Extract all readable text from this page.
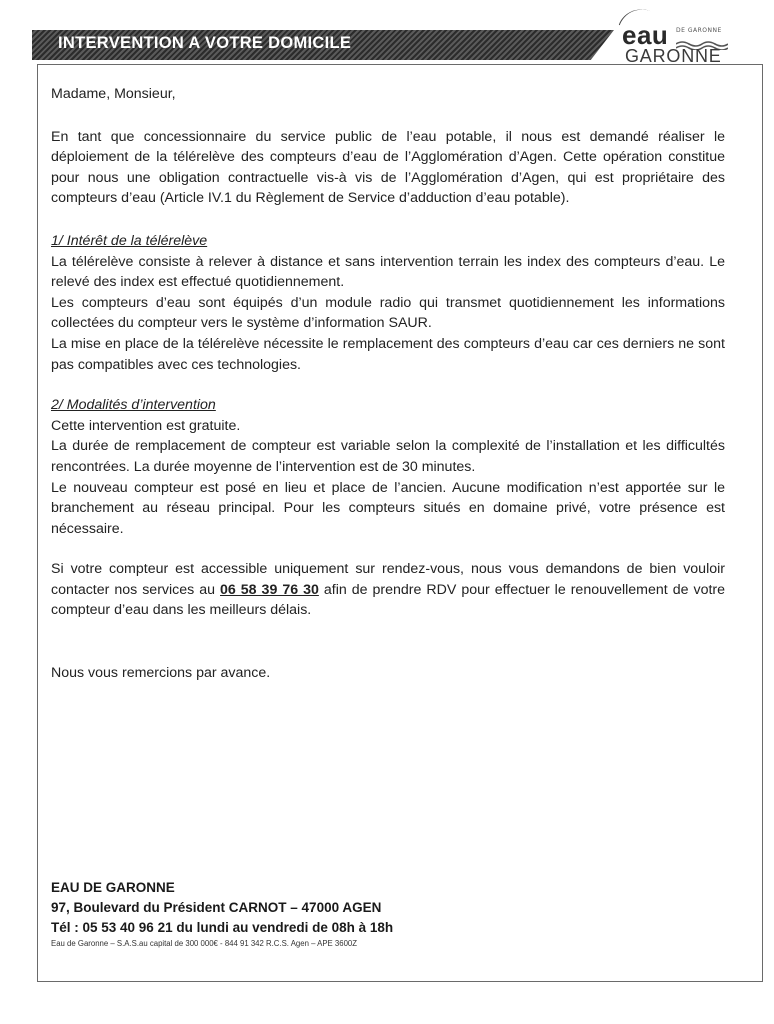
INTERVENTION A VOTRE DOMICILE	eau DE GARONNE
GARONNE

Madame, Monsieur,

En tant que concessionnaire du service public de l’eau potable, il nous est demandé réaliser le déploiement de la télérelève des compteurs d’eau de l’Agglomération d’Agen. Cette opération constitue pour nous une obligation contractuelle vis-à vis de l’Agglomération d’Agen, qui est propriétaire des compteurs d’eau (Article IV.1 du Règlement de Service d’adduction d’eau potable).

1/ Intérêt de la télérelève

La télérelève consiste à relever à distance et sans intervention terrain les index des compteurs d’eau. Le relevé des index est effectué quotidiennement.

Les compteurs d’eau sont équipés d’un module radio qui transmet quotidiennement les informations collectées du compteur vers le système d’information SAUR.

La mise en place de la télérelève nécessite le remplacement des compteurs d’eau car ces derniers ne sont pas compatibles avec ces technologies.

2/ Modalités d’intervention

Cette intervention est gratuite.

La durée de remplacement de compteur est variable selon la complexité de l’installation et les difficultés rencontrées. La durée moyenne de l’intervention est de 30 minutes.

Le nouveau compteur est posé en lieu et place de l’ancien. Aucune modification n’est apportée sur le branchement au réseau principal. Pour les compteurs situés en domaine privé, votre présence est nécessaire.

Si votre compteur est accessible uniquement sur rendez-vous, nous vous demandons de bien vouloir contacter nos services au 06 58 39 76 30 afin de prendre RDV pour effectuer le renouvellement de votre compteur d’eau dans les meilleurs délais.

Nous vous remercions par avance.

EAU DE GARONNE
97, Boulevard du Président CARNOT – 47000 AGEN
Tél : 05 53 40 96 21 du lundi au vendredi de 08h à 18h
Eau de Garonne – S.A.S.au capital de 300 000€ - 844 91 342 R.C.S. Agen – APE 3600Z
